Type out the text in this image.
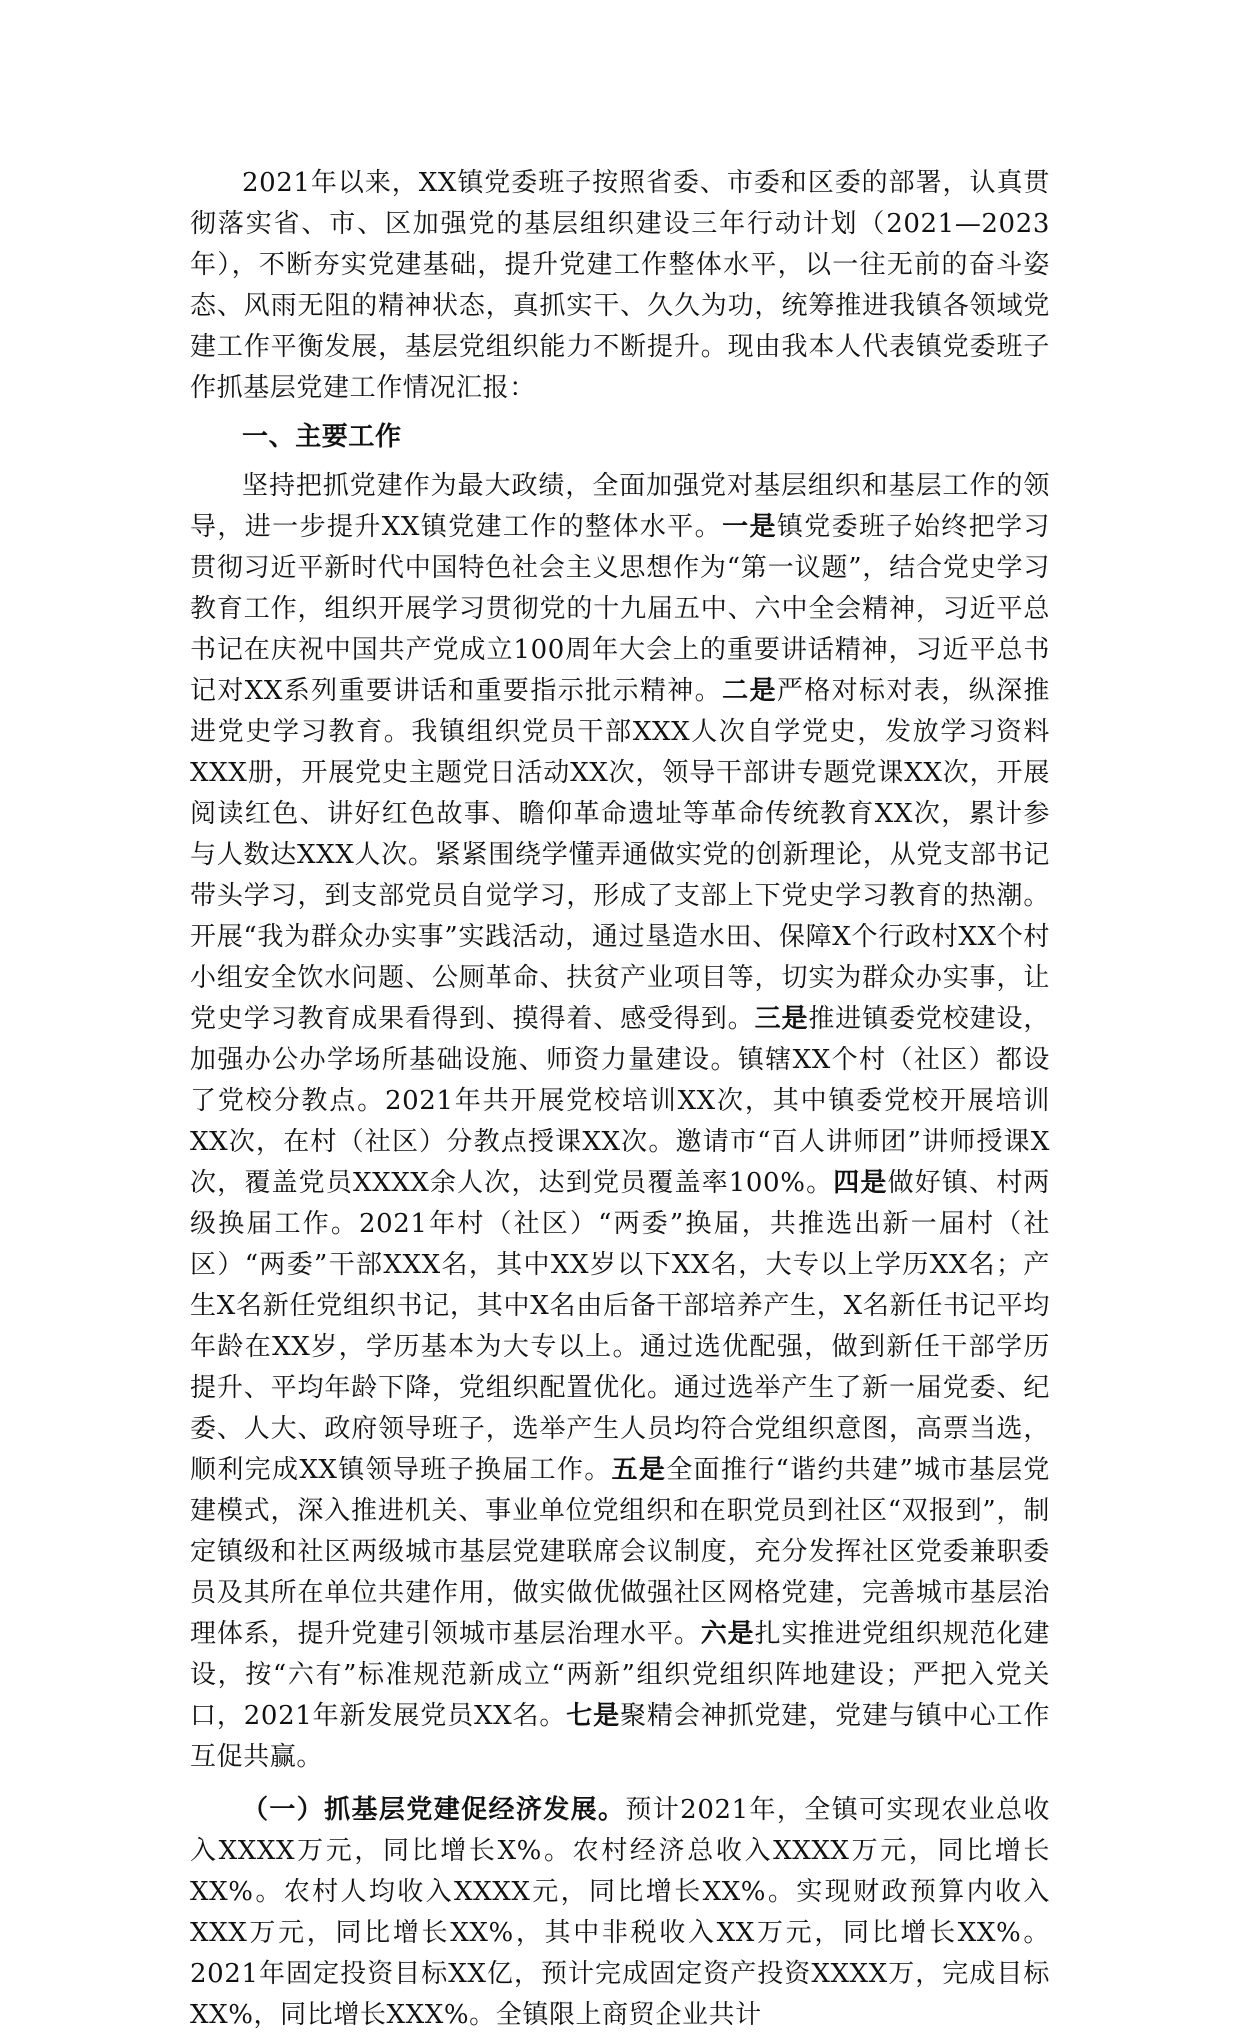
2021年以来，XX镇党委班子按照省委、市委和区委的部署，认真贯彻落实省、市、区加强党的基层组织建设三年行动计划（2021—2023年），不断夯实党建基础，提升党建工作整体水平，以一往无前的奋斗姿态、风雨无阻的精神状态，真抓实干、久久为功，统筹推进我镇各领域党建工作平衡发展，基层党组织能力不断提升。现由我本人代表镇党委班子作抓基层党建工作情况汇报：

一、主要工作

坚持把抓党建作为最大政绩，全面加强党对基层组织和基层工作的领导，进一步提升XX镇党建工作的整体水平。一是镇党委班子始终把学习贯彻习近平新时代中国特色社会主义思想作为“第一议题”，结合党史学习教育工作，组织开展学习贯彻党的十九届五中、六中全会精神，习近平总书记在庆祝中国共产党成立100周年大会上的重要讲话精神，习近平总书记对XX系列重要讲话和重要指示批示精神。二是严格对标对表，纵深推进党史学习教育。我镇组织党员干部XXX人次自学党史，发放学习资料XXX册，开展党史主题党日活动XX次，领导干部讲专题党课XX次，开展阅读红色、讲好红色故事、瞻仰革命遗址等革命传统教育XX次，累计参与人数达XXX人次。紧紧围绕学懂弄通做实党的创新理论，从党支部书记带头学习，到支部党员自觉学习，形成了支部上下党史学习教育的热潮。开展“我为群众办实事”实践活动，通过垦造水田、保障X个行政村XX个村小组安全饮水问题、公厕革命、扶贫产业项目等，切实为群众办实事，让党史学习教育成果看得到、摸得着、感受得到。三是推进镇委党校建设，加强办公办学场所基础设施、师资力量建设。镇辖XX个村（社区）都设了党校分教点。2021年共开展党校培训XX次，其中镇委党校开展培训XX次，在村（社区）分教点授课XX次。邀请市“百人讲师团”讲师授课X次，覆盖党员XXXX余人次，达到党员覆盖率100%。四是做好镇、村两级换届工作。2021年村（社区）“两委”换届，共推选出新一届村（社区）“两委”干部XXX名，其中XX岁以下XX名，大专以上学历XX名；产生X名新任党组织书记，其中X名由后备干部培养产生，X名新任书记平均年龄在XX岁，学历基本为大专以上。通过选优配强，做到新任干部学历提升、平均年龄下降，党组织配置优化。通过选举产生了新一届党委、纪委、人大、政府领导班子，选举产生人员均符合党组织意图，高票当选，顺利完成XX镇领导班子换届工作。五是全面推行“谐约共建”城市基层党建模式，深入推进机关、事业单位党组织和在职党员到社区“双报到”，制定镇级和社区两级城市基层党建联席会议制度，充分发挥社区党委兼职委员及其所在单位共建作用，做实做优做强社区网格党建，完善城市基层治理体系，提升党建引领城市基层治理水平。六是扎实推进党组织规范化建设，按“六有”标准规范新成立“两新”组织党组织阵地建设；严把入党关口，2021年新发展党员XX名。七是聚精会神抓党建，党建与镇中心工作互促共赢。

（一）抓基层党建促经济发展。预计2021年，全镇可实现农业总收入XXXX万元，同比增长X%。农村经济总收入XXXX万元，同比增长XX%。农村人均收入XXXX元，同比增长XX%。实现财政预算内收入XXX万元，同比增长XX%，其中非税收入XX万元，同比增长XX%。2021年固定投资目标XX亿，预计完成固定资产投资XXXX万，完成目标XX%，同比增长XXX%。全镇限上商贸企业共计
